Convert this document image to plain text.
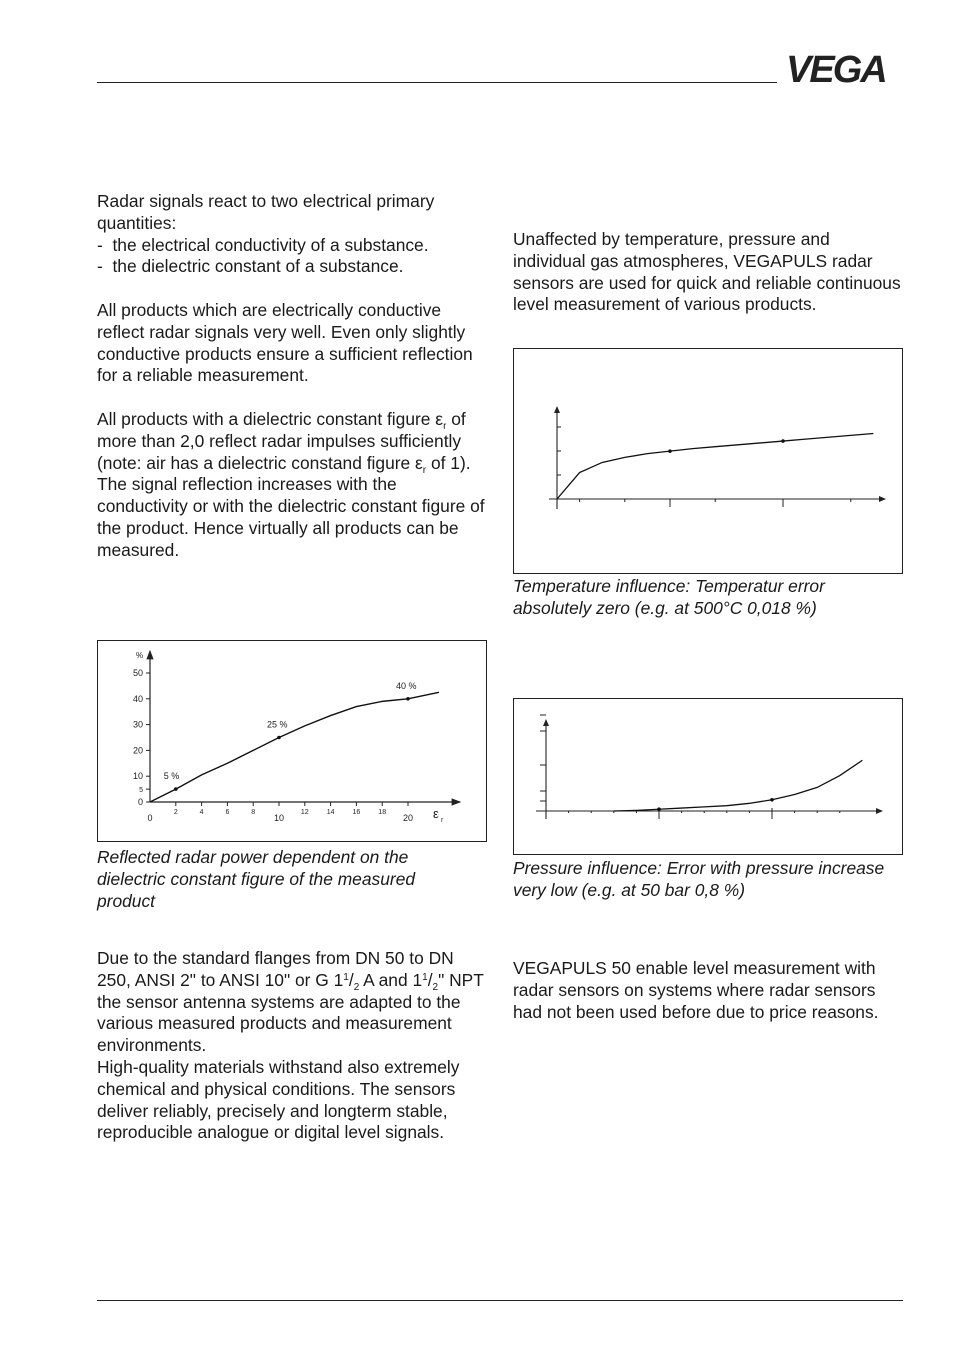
VEGA

Radar signals react to two electrical primary quantities:

-  the electrical conductivity of a substance.

-  the dielectric constant of a substance.

All products which are electrically conductive reflect radar signals very well. Even only slightly conductive products ensure a sufficient reflection for a reliable measurement.

All products with a dielectric constant figure $\varepsilon_r$ of more than 2,0 reflect radar impulses sufficiently (note: air has a dielectric constand figure $\varepsilon_r$ of 1).

The signal reflection increases with the conductivity or with the dielectric constant figure of the product. Hence virtually all products can be measured.

0
5
10
20
30
40
50
%
2	4	6	8	12	14	16	18
0	10	20 ε r
5 %
25 %
40 %
Reflected radar power dependent on the dielectric constant figure of the measured product

Due to the standard flanges from DN 50 to DN 250, ANSI 2" to ANSI 10" or G $1^1/_2$ A and $1^1/_2$" NPT the sensor antenna systems are adapted to the various measured products and measurement environments.

High-quality materials withstand also extremely chemical and physical conditions. The sensors deliver reliably, precisely and longterm stable, reproducible analogue or digital level signals.

Unaffected by temperature, pressure and individual gas atmospheres, VEGAPULS radar sensors are used for quick and reliable continuous level measurement of various products.
Temperature influence: Temperatur error absolutely zero (e.g. at 500°C 0,018 %)
Pressure influence: Error with pressure increase very low (e.g. at 50 bar 0,8 %)
VEGAPULS 50 enable level measurement with radar sensors on systems where radar sensors had not been used before due to price reasons.
